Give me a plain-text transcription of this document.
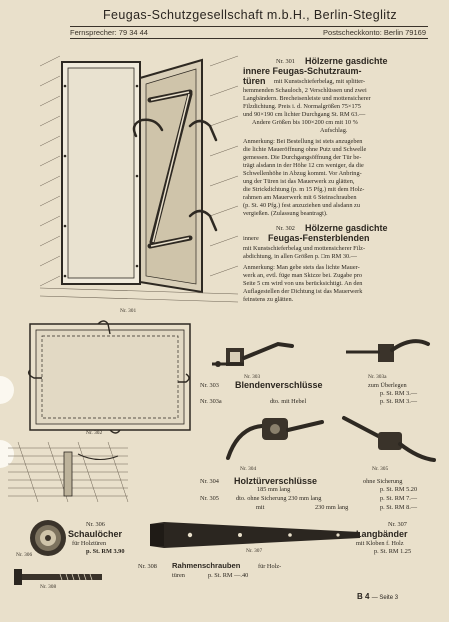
Feugas-Schutzgesellschaft m.b.H., Berlin-Steglitz
Fernsprecher: 79 34 44	Postscheckkonto: Berlin 79169
Nr. 301
Nr. 301 Hölzerne gasdichte
innere Feugas-Schutzraum-
türen mit Kunstschieferbelag, mit splitter-
hemmenden Schauloch, 2 Verschlüssen und zwei
Langbändern. Brecheisenleiste und mottensicherer
Filzdichtung. Preis i. d. Normalgrößen 75×175
und 90×190 cm lichter Durchgang St. RM 63.—
Andere Größen bis 100×200 cm mit 10 %
Aufschlag.
Anmerkung: Bei Bestellung ist stets anzugeben
die lichte Maueröffnung ohne Putz und Schwelle
gemessen. Die Durchgangsöffnung der Tür be-
trägt alsdann in der Höhe 12 cm weniger, da die
Schwellenhöhe in Abzug kommt. Vor Anbring-
ung der Türen ist das Mauerwerk zu glätten,
die Strickdichtung (p. m 15 Pfg.) mit dem Holz-
rahmen am Mauerwerk mit 6 Steinschrauben
(p. St. 40 Pfg.) fest anzuziehen und alsdann zu
vergießen. (Zulassung beantragt).
Nr. 302 Hölzerne gasdichte
innere Feugas-Fensterblenden
mit Kunstschieferbelag und mottensicherer Filz-
abdichtung, in allen Größen p. □m RM 30.—
Anmerkung: Man gebe stets das lichte Mauer-
werk an, evtl. füge man Skizze bei. Zugabe pro
Seite 5 cm wird von uns berücksichtigt. An den
Auflagestellen der Dichtung ist das Mauerwerk
feinstens zu glätten.
Nr. 302
Nr. 303	Nr. 303a
Nr. 303 Blendenverschlüsse	zum Überlegen
p. St. RM 3.—
Nr. 303a	dto. mit Hebel	p. St. RM 3.—
Nr. 304	Nr. 305
Nr. 304 Holztürverschlüsse	ohne Sicherung
185 mm lang	p. St. RM 5.20
Nr. 305	dto. ohne Sicherung 230 mm lang	p. St. RM 7.—
mit	230 mm lang	p. St. RM 8.—
Nr. 306
Nr. 306
Schaulöcher
für Holztüren
p. St. RM 3.90	Nr. 307
Nr. 307
Langbänder
mit Kloben f. Holz
p. St. RM 1.25
Nr. 308
Nr. 308 Rahmenschrauben	für Holz-
türen	p. St. RM —.40
B 4 — Seite 3
